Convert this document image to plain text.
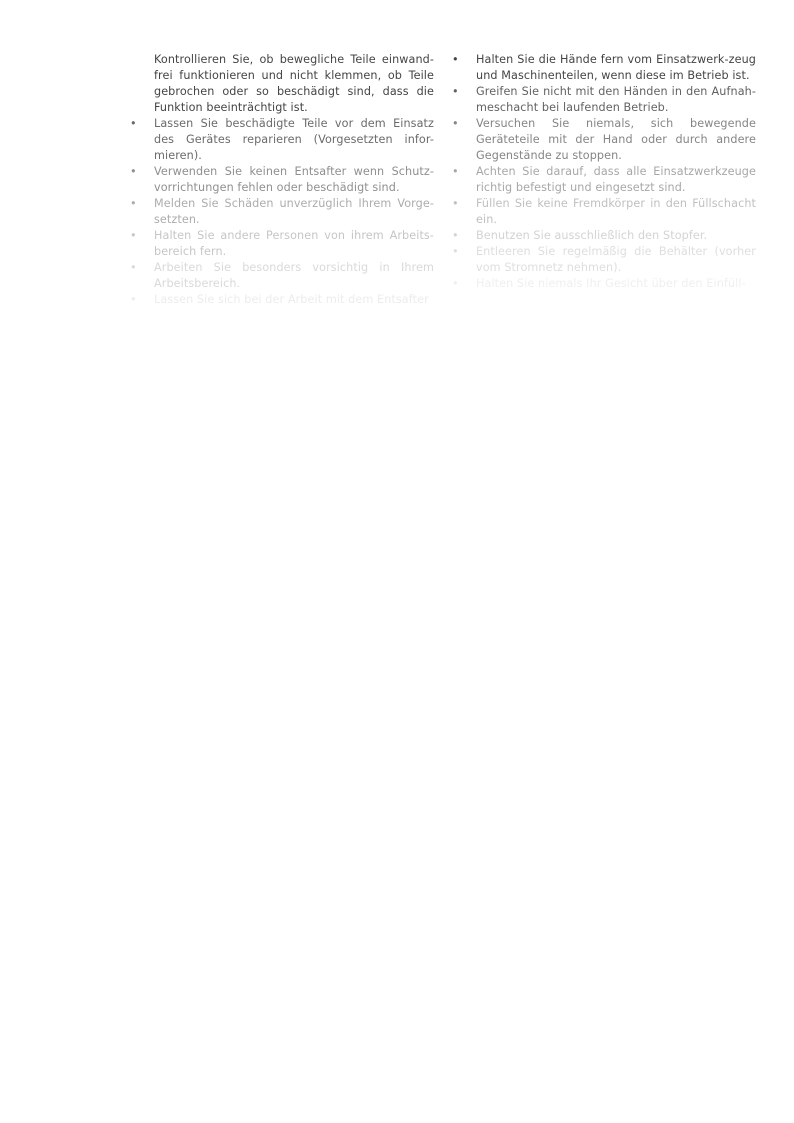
Kontrollieren Sie, ob bewegliche Teile einwand-frei funktionieren und nicht klemmen, ob Teile gebrochen oder so beschädigt sind, dass die Funktion beeinträchtigt ist.
•	Lassen Sie beschädigte Teile vor dem Einsatz des Gerätes reparieren (Vorgesetzten infor-mieren).
•	Verwenden Sie keinen Entsafter wenn Schutz-vorrichtungen fehlen oder beschädigt sind.
•	Melden Sie Schäden unverzüglich Ihrem Vorge-setzten.
•	Halten Sie andere Personen von ihrem Arbeits-bereich fern.
•	Arbeiten Sie besonders vorsichtig in Ihrem Arbeitsbereich.
•	Lassen Sie sich bei der Arbeit mit dem Entsafter
•	Halten Sie die Hände fern vom Einsatzwerk-zeug und Maschinenteilen, wenn diese im Betrieb ist.
•	Greifen Sie nicht mit den Händen in den Aufnah-meschacht bei laufenden Betrieb.
•	Versuchen Sie niemals, sich bewegende Geräteteile mit der Hand oder durch andere Gegenstände zu stoppen.
•	Achten Sie darauf, dass alle Einsatzwerkzeuge richtig befestigt und eingesetzt sind.
•	Füllen Sie keine Fremdkörper in den Füllschacht ein.
•	Benutzen Sie ausschließlich den Stopfer.
•	Entleeren Sie regelmäßig die Behälter (vorher vom Stromnetz nehmen).
•	Halten Sie niemals Ihr Gesicht über den Einfüll-
